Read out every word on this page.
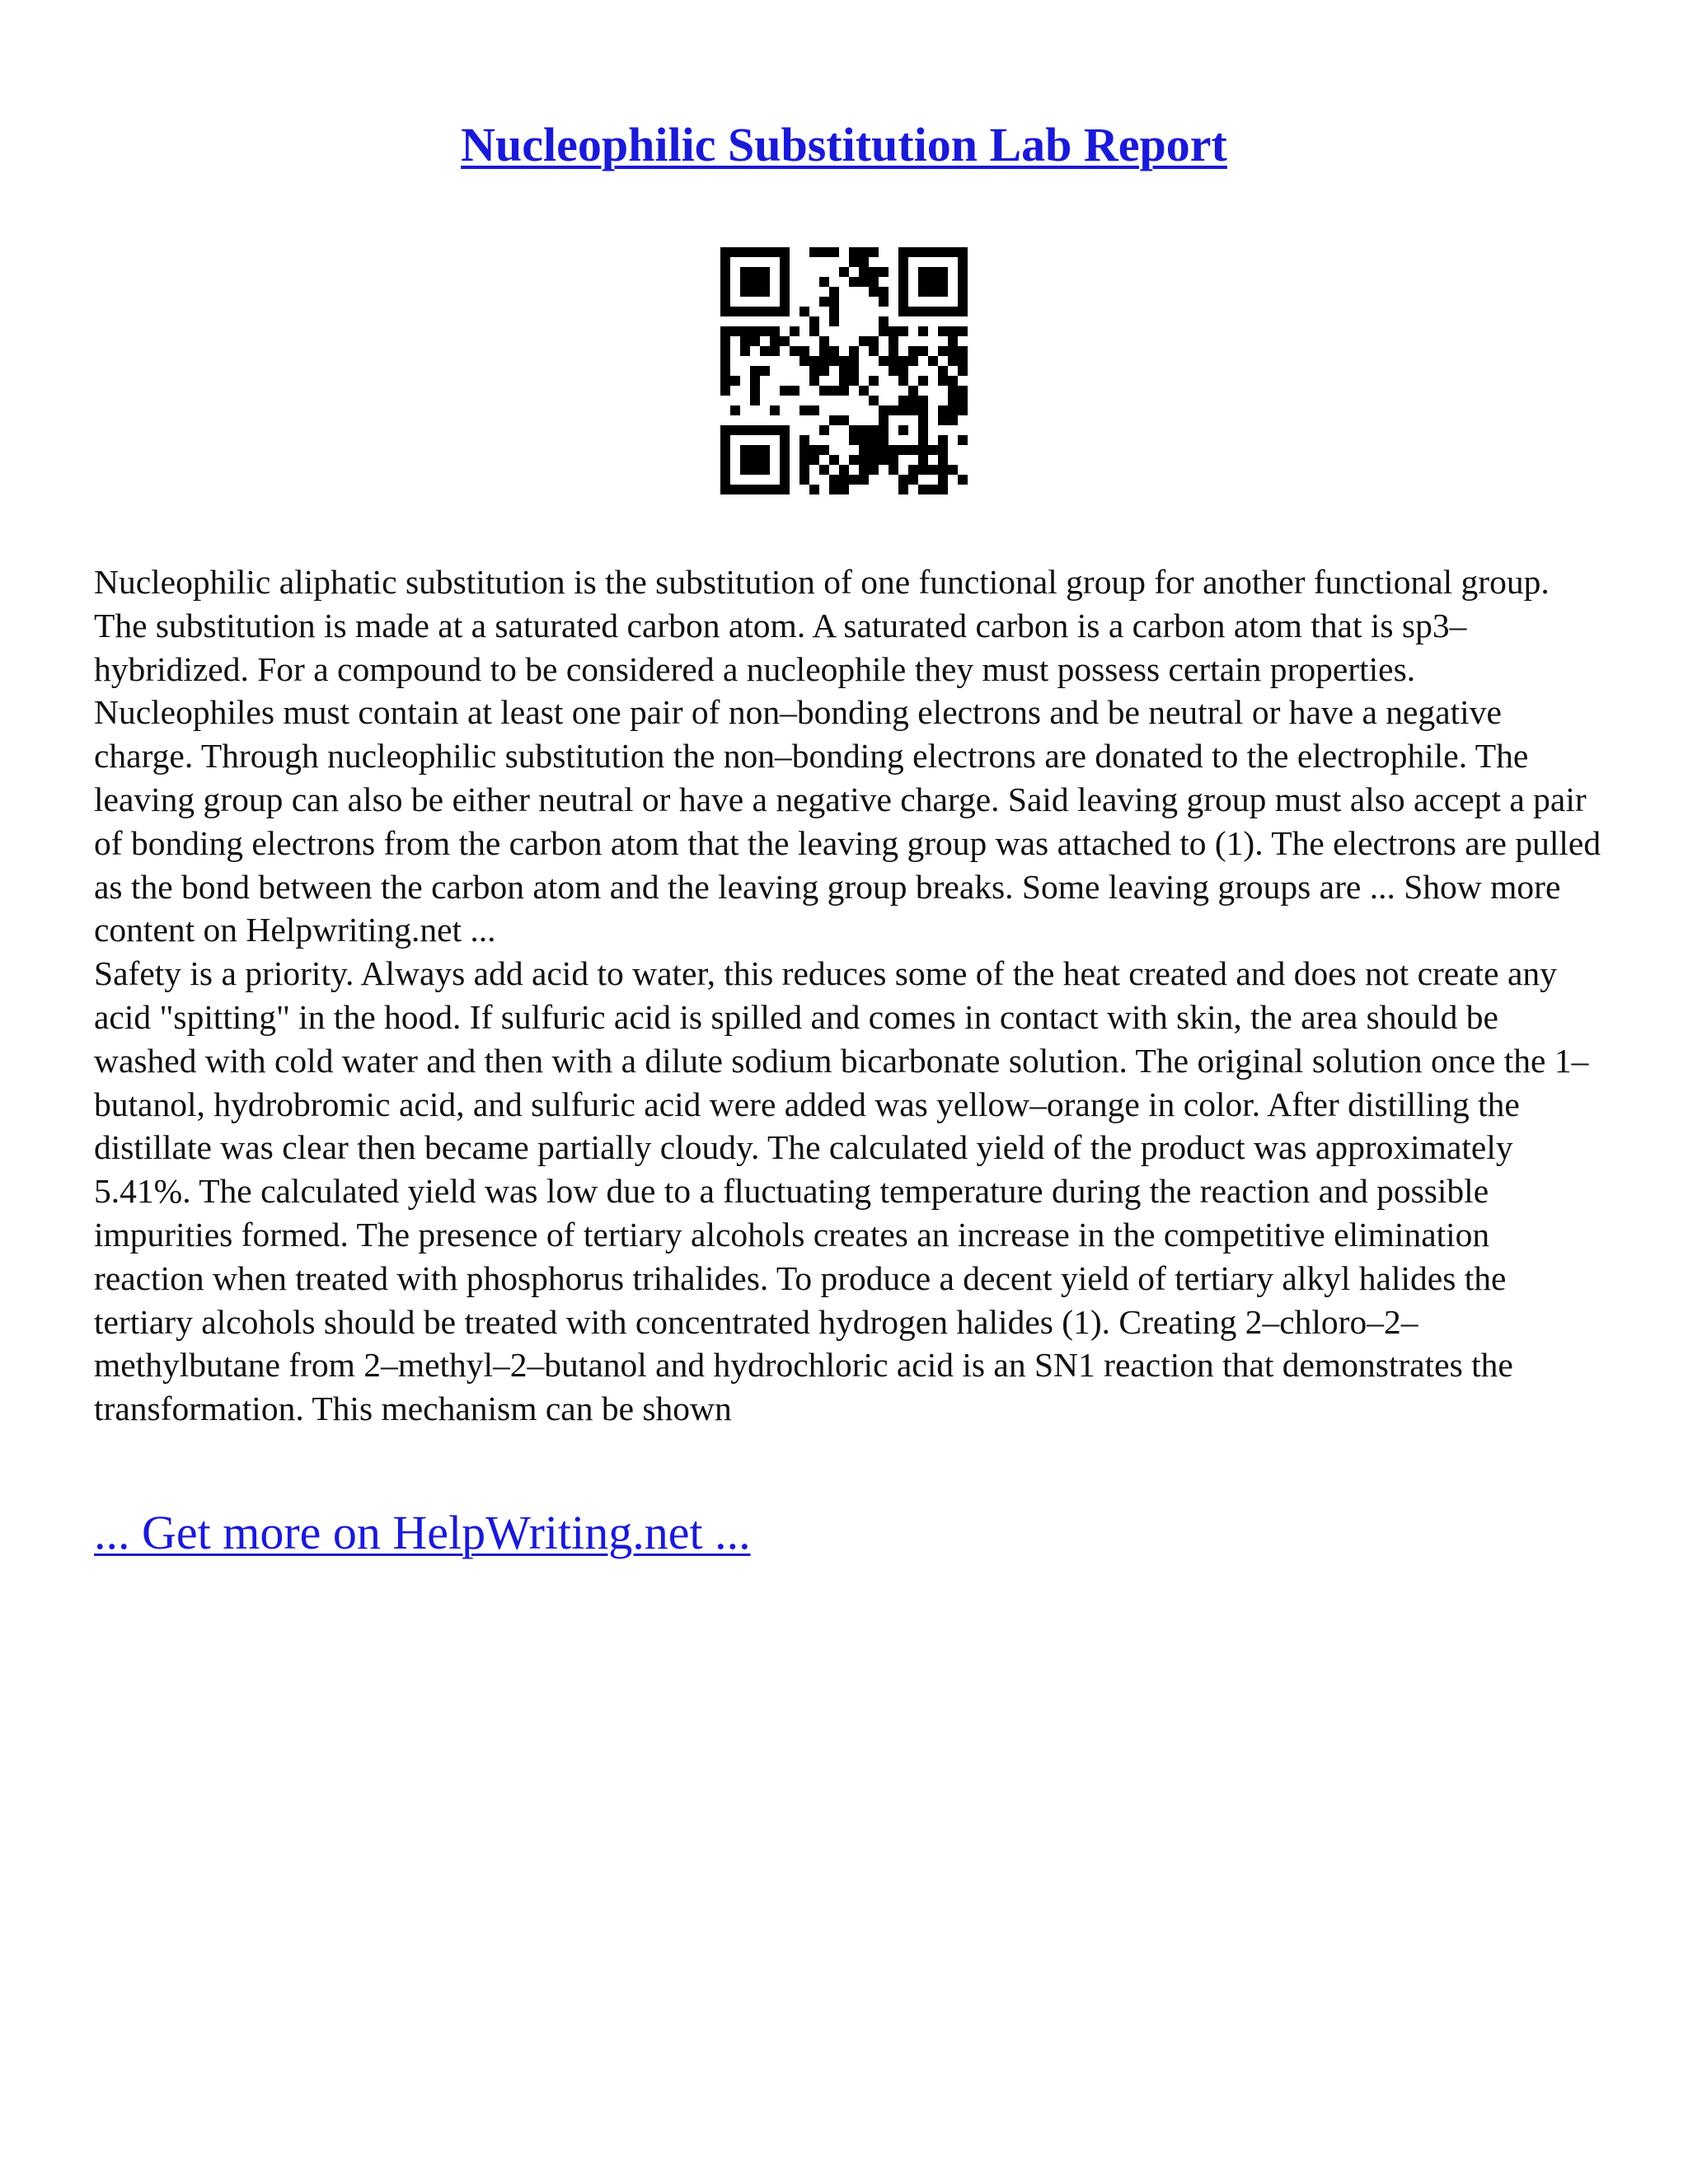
Nucleophilic Substitution Lab Report

Nucleophilic aliphatic substitution is the substitution of one functional group for another functional group. The substitution is made at a saturated carbon atom. A saturated carbon is a carbon atom that is sp3–hybridized. For a compound to be considered a nucleophile they must possess certain properties. Nucleophiles must contain at least one pair of non–bonding electrons and be neutral or have a negative charge. Through nucleophilic substitution the non–bonding electrons are donated to the electrophile. The leaving group can also be either neutral or have a negative charge. Said leaving group must also accept a pair of bonding electrons from the carbon atom that the leaving group was attached to (1). The electrons are pulled as the bond between the carbon atom and the leaving group breaks. Some leaving groups are ... Show more content on Helpwriting.net ...

Safety is a priority. Always add acid to water, this reduces some of the heat created and does not create any acid "spitting" in the hood. If sulfuric acid is spilled and comes in contact with skin, the area should be washed with cold water and then with a dilute sodium bicarbonate solution. The original solution once the 1–butanol, hydrobromic acid, and sulfuric acid were added was yellow–orange in color. After distilling the distillate was clear then became partially cloudy. The calculated yield of the product was approximately 5.41%. The calculated yield was low due to a fluctuating temperature during the reaction and possible impurities formed. The presence of tertiary alcohols creates an increase in the competitive elimination reaction when treated with phosphorus trihalides. To produce a decent yield of tertiary alkyl halides the tertiary alcohols should be treated with concentrated hydrogen halides (1). Creating 2–chloro–2–methylbutane from 2–methyl–2–butanol and hydrochloric acid is an SN1 reaction that demonstrates the transformation. This mechanism can be shown

... Get more on HelpWriting.net ...
